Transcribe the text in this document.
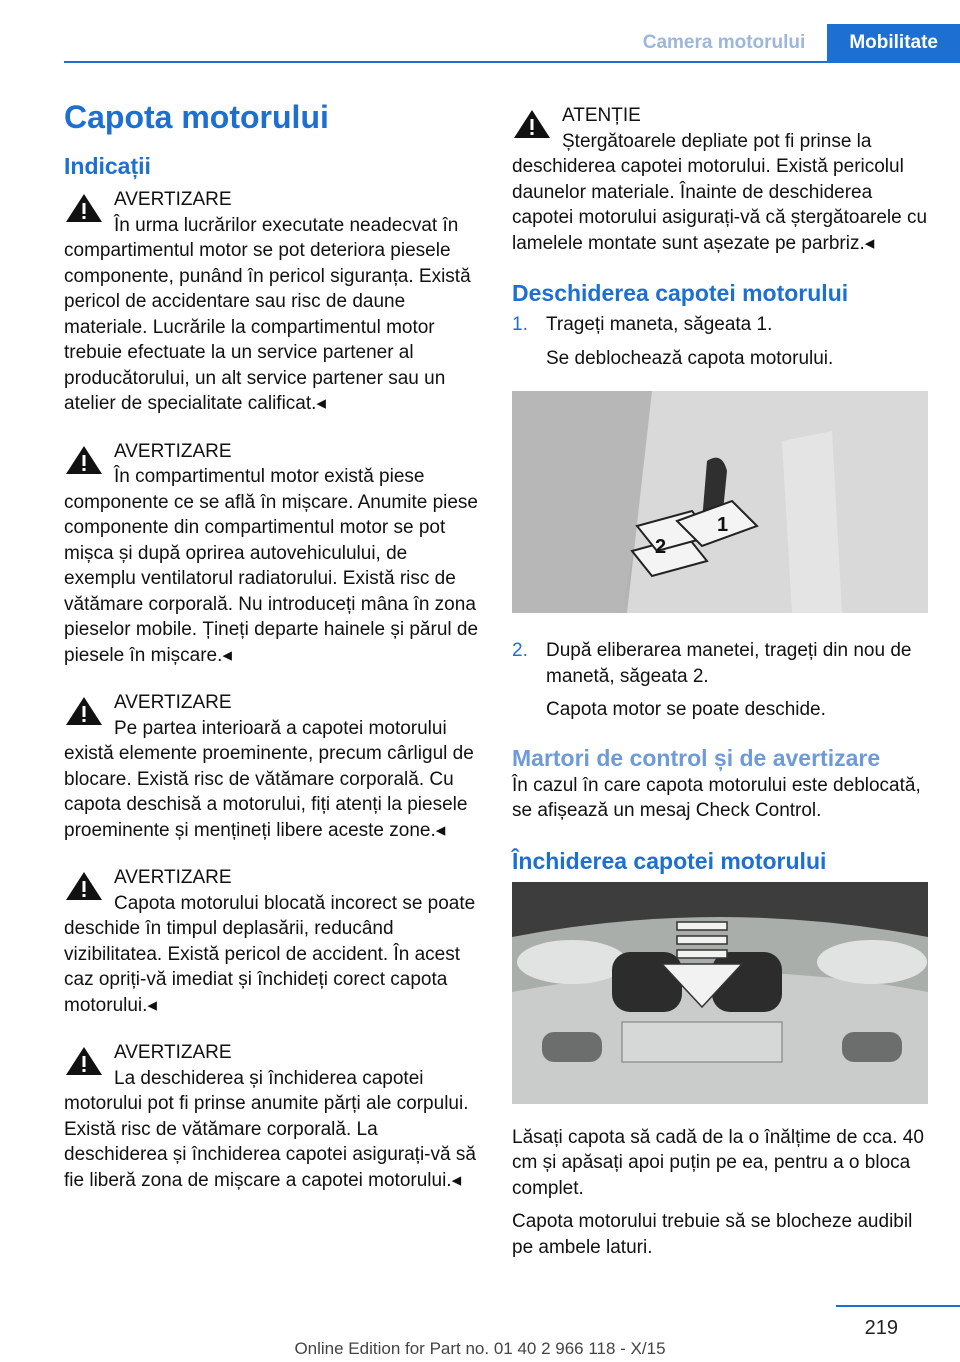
Camera motorului	Mobilitate
Capota motorului
Indicații
AVERTIZARE
În urma lucrărilor executate neadecvat în compartimentul motor se pot deteriora piesele componente, punând în pericol siguranța. Există pericol de accidentare sau risc de daune materiale. Lucrările la compartimentul motor trebuie efectuate la un service partener al producătorului, un alt service partener sau un atelier de specialitate calificat.◂
AVERTIZARE
În compartimentul motor există piese componente ce se află în mișcare. Anumite piese componente din compartimentul motor se pot mișca și după oprirea autovehiculului, de exemplu ventilatorul radiatorului. Există risc de vătămare corporală. Nu introduceți mâna în zona pieselor mobile. Țineți departe hainele și părul de piesele în mișcare.◂
AVERTIZARE
Pe partea interioară a capotei motorului există elemente proeminente, precum cârligul de blocare. Există risc de vătămare corporală. Cu capota deschisă a motorului, fiți atenți la piesele proeminente și mențineți libere aceste zone.◂
AVERTIZARE
Capota motorului blocată incorect se poate deschide în timpul deplasării, reducând vizibilitatea. Există pericol de accident. În acest caz opriți-vă imediat și închideți corect capota motorului.◂
AVERTIZARE
La deschiderea și închiderea capotei motorului pot fi prinse anumite părți ale corpului. Există risc de vătămare corporală. La deschiderea și închiderea capotei asigurați-vă să fie liberă zona de mișcare a capotei motorului.◂
ATENȚIE
Ștergătoarele depliate pot fi prinse la deschiderea capotei motorului. Există pericolul daunelor materiale. Înainte de deschiderea capotei motorului asigurați-vă că ștergătoarele cu lamelele montate sunt așezate pe parbriz.◂
Deschiderea capotei motorului
1. Trageți maneta, săgeata 1.
Se deblochează capota motorului.
2
1
2. După eliberarea manetei, trageți din nou de manetă, săgeata 2.
Capota motor se poate deschide.
Martori de control și de avertizare

În cazul în care capota motorului este deblocată, se afișează un mesaj Check Control.

Închiderea capotei motorului

Lăsați capota să cadă de la o înălțime de cca. 40 cm și apăsați apoi puțin pe ea, pentru a o bloca complet.

Capota motorului trebuie să se blocheze audibil pe ambele laturi.

219
Online Edition for Part no. 01 40 2 966 118 - X/15
